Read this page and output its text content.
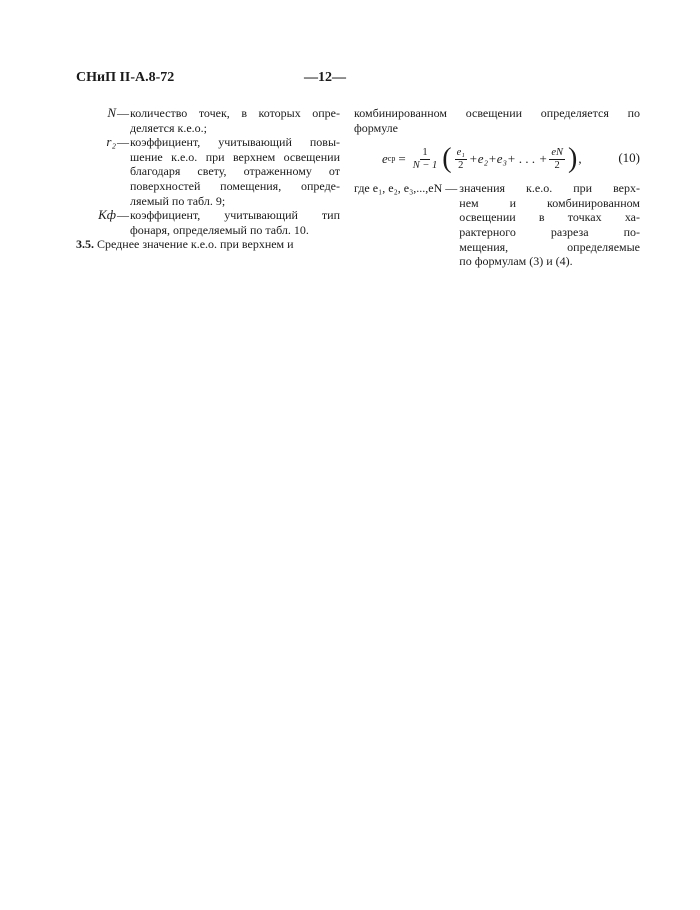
СНиП II-А.8-72	—12—
N — количество точек, в которых опре-
деляется к.е.о.;
r₂ — коэффициент, учитывающий повы-
шение к.е.о. при верхнем освещении
благодаря свету, отраженному от
поверхностей помещения, опреде-
ляемый по табл. 9;
Kф — коэффициент, учитывающий тип
фонаря, определяемый по табл. 10.
3.5. Среднее значение к.е.о. при верхнем и
комбинированном освещении определяется по
формуле
e ср = $\frac{1}{N - 1}$ ( $\frac{\text{e₁}}{2} +e_2+e_3+$ . . . + $\frac{eN}{2}$ ) ,	(10)
где e₁, e₂, e₃,...,eN — значения к.е.о. при верх-
нем и комбинированном
освещении в точках ха-
рактерного разреза по-
мещения, определяемые
по формулам (3) и (4).
